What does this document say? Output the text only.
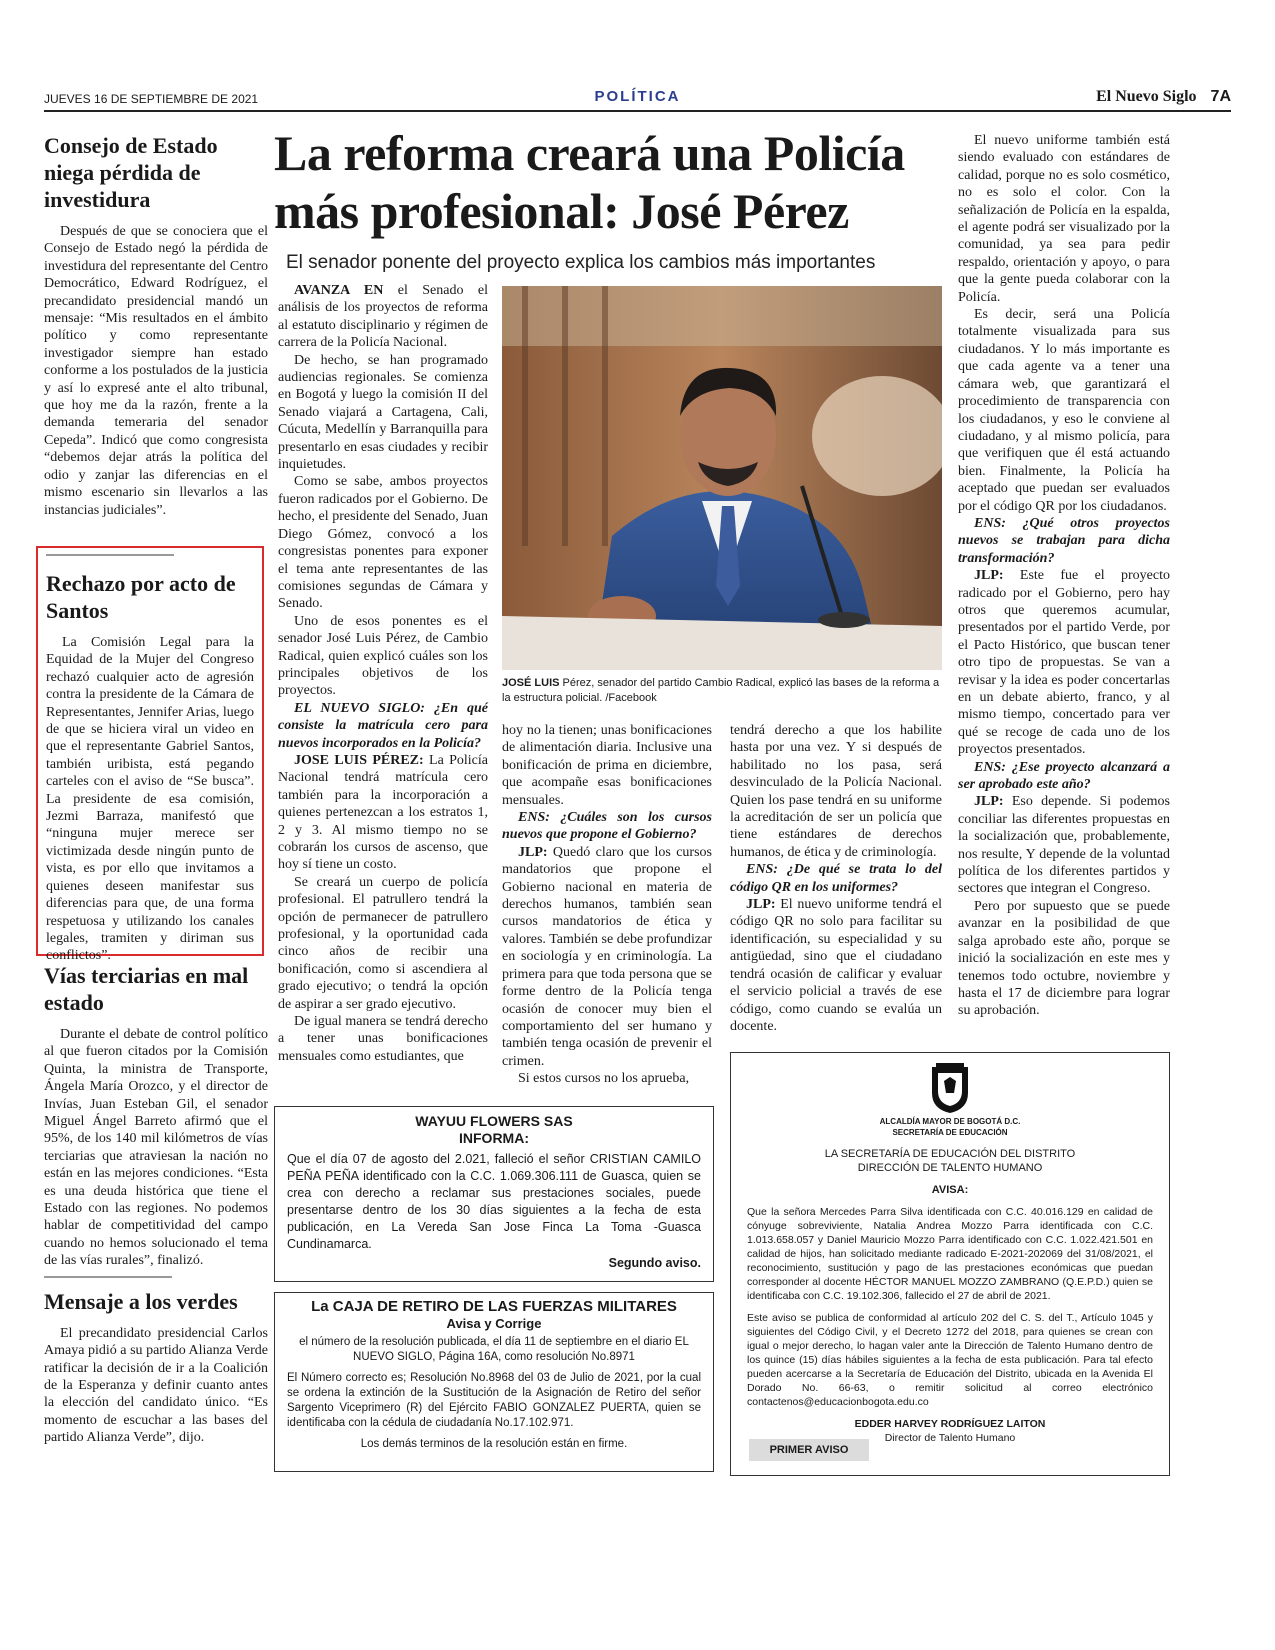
JUEVES 16 DE SEPTIEMBRE DE 2021	POLÍTICA	El Nuevo Siglo 7A
Consejo de Estado niega pérdida de investidura

Después de que se conociera que el Consejo de Estado negó la pérdida de investidura del representante del Centro Democrático, Edward Rodríguez, el precandidato presidencial mandó un mensaje: “Mis resultados en el ámbito político y como representante investigador siempre han estado conforme a los postulados de la justicia y así lo expresé ante el alto tribunal, que hoy me da la razón, frente a la demanda temeraria del senador Cepeda”. Indicó que como congresista “debemos dejar atrás la política del odio y zanjar las diferencias en el mismo escenario sin llevarlos a las instancias judiciales”.

Rechazo por acto de Santos

La Comisión Legal para la Equidad de la Mujer del Congreso rechazó cualquier acto de agresión contra la presidente de la Cámara de Representantes, Jennifer Arias, luego de que se hiciera viral un video en que el representante Gabriel Santos, también uribista, está pegando carteles con el aviso de “Se busca”. La presidente de esa comisión, Jezmi Barraza, manifestó que “ninguna mujer merece ser victimizada desde ningún punto de vista, es por ello que invitamos a quienes deseen manifestar sus diferencias para que, de una forma respetuosa y utilizando los canales legales, tramiten y diriman sus conflictos”.

Vías terciarias en mal estado

Durante el debate de control político al que fueron citados por la Comisión Quinta, la ministra de Transporte, Ángela María Orozco, y el director de Invías, Juan Esteban Gil, el senador Miguel Ángel Barreto afirmó que el 95%, de los 140 mil kilómetros de vías terciarias que atraviesan la nación no están en las mejores condiciones. “Esta es una deuda histórica que tiene el Estado con las regiones. No podemos hablar de competitividad del campo cuando no hemos solucionado el tema de las vías rurales”, finalizó.

Mensaje a los verdes

El precandidato presidencial Carlos Amaya pidió a su partido Alianza Verde ratificar la decisión de ir a la Coalición de la Esperanza y definir cuanto antes la elección del candidato único. “Es momento de escuchar a las bases del partido Alianza Verde”, dijo.

La reforma creará una Policía más profesional: José Pérez
El senador ponente del proyecto explica los cambios más importantes
JOSÉ LUIS Pérez, senador del partido Cambio Radical, explicó las bases de la reforma a la estructura policial. /Facebook

AVANZA EN el Senado el análisis de los proyectos de reforma al estatuto disciplinario y régimen de carrera de la Policía Nacional.

De hecho, se han programado audiencias regionales. Se comienza en Bogotá y luego la comisión II del Senado viajará a Cartagena, Cali, Cúcuta, Medellín y Barranquilla para presentarlo en esas ciudades y recibir inquietudes.

Como se sabe, ambos proyectos fueron radicados por el Gobierno. De hecho, el presidente del Senado, Juan Diego Gómez, convocó a los congresistas ponentes para exponer el tema ante representantes de las comisiones segundas de Cámara y Senado.

Uno de esos ponentes es el senador José Luis Pérez, de Cambio Radical, quien explicó cuáles son los principales objetivos de los proyectos.

EL NUEVO SIGLO: ¿En qué consiste la matrícula cero para nuevos incorporados en la Policía?

JOSE LUIS PÉREZ: La Policía Nacional tendrá matrícula cero también para la incorporación a quienes pertenezcan a los estratos 1, 2 y 3. Al mismo tiempo no se cobrarán los cursos de ascenso, que hoy sí tiene un costo.

Se creará un cuerpo de policía profesional. El patrullero tendrá la opción de permanecer de patrullero profesional, y la oportunidad cada cinco años de recibir una bonificación, como si ascendiera al grado ejecutivo; o tendrá la opción de aspirar a ser grado ejecutivo.

De igual manera se tendrá derecho a tener unas bonificaciones mensuales como estudiantes, que

hoy no la tienen; unas bonificaciones de alimentación diaria. Inclusive una bonificación de prima en diciembre, que acompañe esas bonificaciones mensuales.

ENS: ¿Cuáles son los cursos nuevos que propone el Gobierno?

JLP: Quedó claro que los cursos mandatorios que propone el Gobierno nacional en materia de derechos humanos, también sean cursos mandatorios de ética y valores. También se debe profundizar en sociología y en criminología. La primera para que toda persona que se forme dentro de la Policía tenga ocasión de conocer muy bien el comportamiento del ser humano y también tenga ocasión de prevenir el crimen.

Si estos cursos no los aprueba,

tendrá derecho a que los habilite hasta por una vez. Y si después de habilitado no los pasa, será desvinculado de la Policía Nacional. Quien los pase tendrá en su uniforme la acreditación de ser un policía que tiene estándares de derechos humanos, de ética y de criminología.

ENS: ¿De qué se trata lo del código QR en los uniformes?

JLP: El nuevo uniforme tendrá el código QR no solo para facilitar su identificación, su especialidad y su antigüedad, sino que el ciudadano tendrá ocasión de calificar y evaluar el servicio policial a través de ese código, como cuando se evalúa un docente.

El nuevo uniforme también está siendo evaluado con estándares de calidad, porque no es solo cosmético, no es solo el color. Con la señalización de Policía en la espalda, el agente podrá ser visualizado por la comunidad, ya sea para pedir respaldo, orientación y apoyo, o para que la gente pueda colaborar con la Policía.

Es decir, será una Policía totalmente visualizada para sus ciudadanos. Y lo más importante es que cada agente va a tener una cámara web, que garantizará el procedimiento de transparencia con los ciudadanos, y eso le conviene al ciudadano, y al mismo policía, para que verifiquen que él está actuando bien. Finalmente, la Policía ha aceptado que puedan ser evaluados por el código QR por los ciudadanos.

ENS: ¿Qué otros proyectos nuevos se trabajan para dicha transformación?

JLP: Este fue el proyecto radicado por el Gobierno, pero hay otros que queremos acumular, presentados por el partido Verde, por el Pacto Histórico, que buscan tener otro tipo de propuestas. Se van a revisar y la idea es poder concertarlas en un debate abierto, franco, y al mismo tiempo, concertado para ver qué se recoge de cada uno de los proyectos presentados.

ENS: ¿Ese proyecto alcanzará a ser aprobado este año?

JLP: Eso depende. Si podemos conciliar las diferentes propuestas en la socialización que, probablemente, nos resulte, Y depende de la voluntad política de los diferentes partidos y sectores que integran el Congreso.

Pero por supuesto que se puede avanzar en la posibilidad de que salga aprobado este año, porque se inició la socialización en este mes y tenemos todo octubre, noviembre y hasta el 17 de diciembre para lograr su aprobación.

WAYUU FLOWERS SAS
INFORMA:
Que el día 07 de agosto del 2.021, falleció el señor CRISTIAN CAMILO PEÑA PEÑA identificado con la C.C. 1.069.306.111 de Guasca, quien se crea con derecho a reclamar sus prestaciones sociales, puede presentarse dentro de los 30 días siguientes a la fecha de esta publicación, en La Vereda San Jose Finca La Toma -Guasca Cundinamarca.
Segundo aviso.
La CAJA DE RETIRO DE LAS FUERZAS MILITARES
Avisa y Corrige
el número de la resolución publicada, el día 11 de septiembre en el diario EL NUEVO SIGLO, Página 16A, como resolución No.8971
El Número correcto es; Resolución No.8968 del 03 de Julio de 2021, por la cual se ordena la extinción de la Sustitución de la Asignación de Retiro del señor Sargento Viceprimero (R) del Ejército FABIO GONZALEZ PUERTA, quien se identificaba con la cédula de ciudadanía No.17.102.971.
Los demás terminos de la resolución están en firme.
ALCALDÍA MAYOR DE BOGOTÁ D.C.
SECRETARÍA DE EDUCACIÓN
LA SECRETARÍA DE EDUCACIÓN DEL DISTRITO
DIRECCIÓN DE TALENTO HUMANO
AVISA:
Que la señora Mercedes Parra Silva identificada con C.C. 40.016.129 en calidad de cónyuge sobreviviente, Natalia Andrea Mozzo Parra identificada con C.C. 1.013.658.057 y Daniel Mauricio Mozzo Parra identificado con C.C. 1.022.421.501 en calidad de hijos, han solicitado mediante radicado E-2021-202069 del 31/08/2021, el reconocimiento, sustitución y pago de las prestaciones económicas que puedan corresponder al docente HÉCTOR MANUEL MOZZO ZAMBRANO (Q.E.P.D.) quien se identificaba con C.C. 19.102.306, fallecido el 27 de abril de 2021.
Este aviso se publica de conformidad al artículo 202 del C. S. del T., Artículo 1045 y siguientes del Código Civil, y el Decreto 1272 del 2018, para quienes se crean con igual o mejor derecho, lo hagan valer ante la Dirección de Talento Humano dentro de los quince (15) días hábiles siguientes a la fecha de esta publicación. Para tal efecto pueden acercarse a la Secretaría de Educación del Distrito, ubicada en la Avenida El Dorado No. 66-63, o remitir solicitud al correo electrónico contactenos@educacionbogota.edu.co
EDDER HARVEY RODRÍGUEZ LAITON
Director de Talento Humano
PRIMER AVISO
